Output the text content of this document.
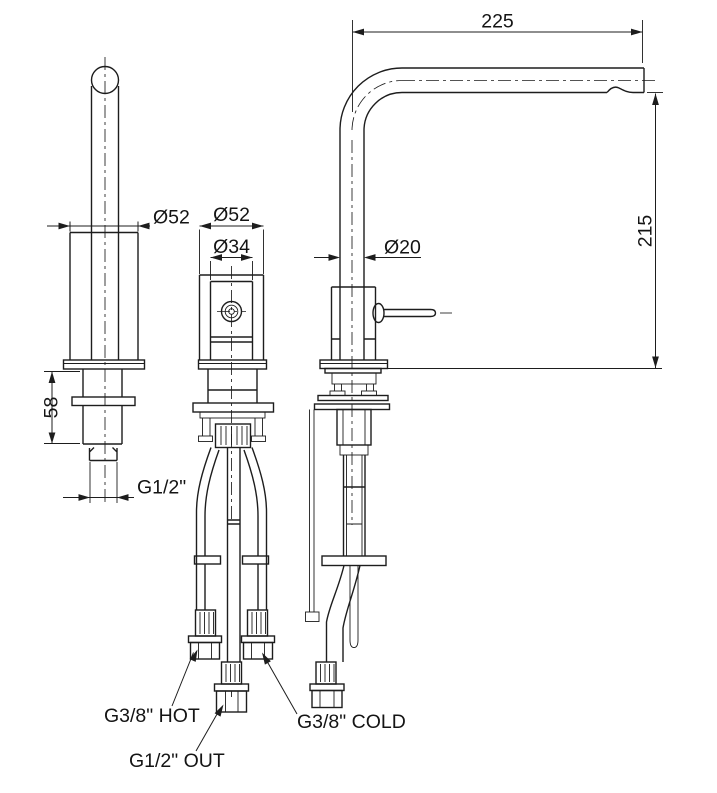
Ø52
58
G1/2"
Ø52
Ø34
225
215
Ø20
G3/8" HOT	G3/8" COLD
G1/2" OUT
